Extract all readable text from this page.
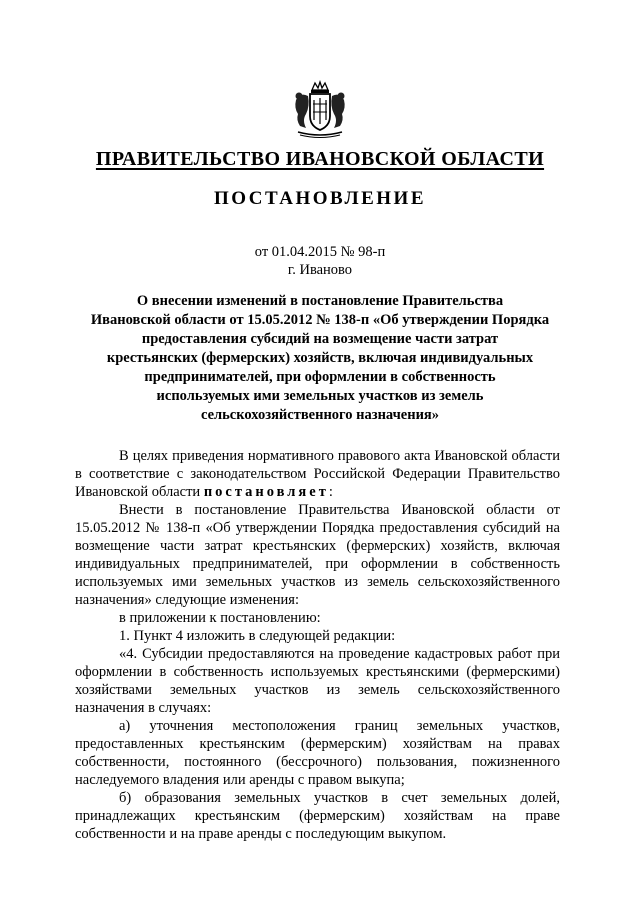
ПРАВИТЕЛЬСТВО ИВАНОВСКОЙ ОБЛАСТИ
ПОСТАНОВЛЕНИЕ
от 01.04.2015 № 98-п
г. Иваново
О внесении изменений в постановление Правительства
Ивановской области от 15.05.2012 № 138-п «Об утверждении Порядка
предоставления субсидий на возмещение части затрат
крестьянских (фермерских) хозяйств, включая индивидуальных
предпринимателей, при оформлении в собственность
используемых ими земельных участков из земель
сельскохозяйственного назначения»

В целях приведения нормативного правового акта Ивановской области в соответствие с законодательством Российской Федерации Правительство Ивановской области постановляет:

Внести в постановление Правительства Ивановской области от 15.05.2012 № 138-п «Об утверждении Порядка предоставления субсидий на возмещение части затрат крестьянских (фермерских) хозяйств, включая индивидуальных предпринимателей, при оформлении в собственность используемых ими земельных участков из земель сельскохозяйственного назначения» следующие изменения:

в приложении к постановлению:

1. Пункт 4 изложить в следующей редакции:

«4. Субсидии предоставляются на проведение кадастровых работ при оформлении в собственность используемых крестьянскими (фермерскими) хозяйствами земельных участков из земель сельскохозяйственного назначения в случаях:

а) уточнения местоположения границ земельных участков, предоставленных крестьянским (фермерским) хозяйствам на правах собственности, постоянного (бессрочного) пользования, пожизненного наследуемого владения или аренды с правом выкупа;

б) образования земельных участков в счет земельных долей, принадлежащих крестьянским (фермерским) хозяйствам на праве собственности и на праве аренды с последующим выкупом.
